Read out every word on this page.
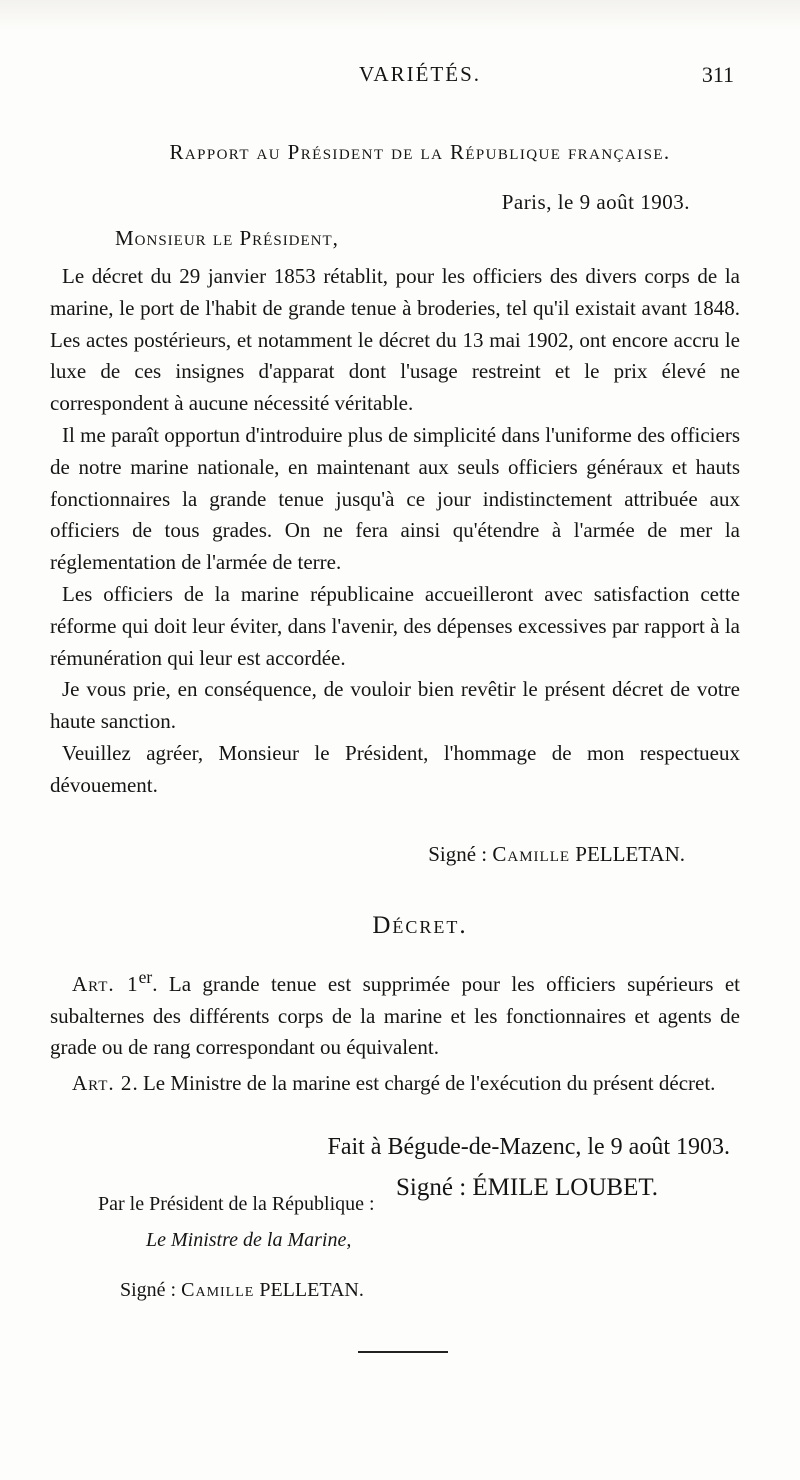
VARIÉTÉS.	311
Rapport au Président de la République française.
Paris, le 9 août 1903.
Monsieur le Président,

Le décret du 29 janvier 1853 rétablit, pour les officiers des divers corps de la marine, le port de l'habit de grande tenue à broderies, tel qu'il existait avant 1848. Les actes postérieurs, et notamment le décret du 13 mai 1902, ont encore accru le luxe de ces insignes d'apparat dont l'usage restreint et le prix élevé ne correspondent à aucune nécessité véritable.

Il me paraît opportun d'introduire plus de simplicité dans l'uniforme des officiers de notre marine nationale, en maintenant aux seuls officiers généraux et hauts fonctionnaires la grande tenue jusqu'à ce jour indistinctement attribuée aux officiers de tous grades. On ne fera ainsi qu'étendre à l'armée de mer la réglementation de l'armée de terre.

Les officiers de la marine républicaine accueilleront avec satisfaction cette réforme qui doit leur éviter, dans l'avenir, des dépenses excessives par rapport à la rémunération qui leur est accordée.

Je vous prie, en conséquence, de vouloir bien revêtir le présent décret de votre haute sanction.

Veuillez agréer, Monsieur le Président, l'hommage de mon respectueux dévouement.

Signé : Camille PELLETAN.
Décret.

Art. 1er. La grande tenue est supprimée pour les officiers supérieurs et subalternes des différents corps de la marine et les fonctionnaires et agents de grade ou de rang correspondant ou équivalent.

Art. 2. Le Ministre de la marine est chargé de l'exécution du présent décret.

Fait à Bégude-de-Mazenc, le 9 août 1903.
Signé : ÉMILE LOUBET.
Par le Président de la République :
Le Ministre de la Marine,
Signé : Camille PELLETAN.
